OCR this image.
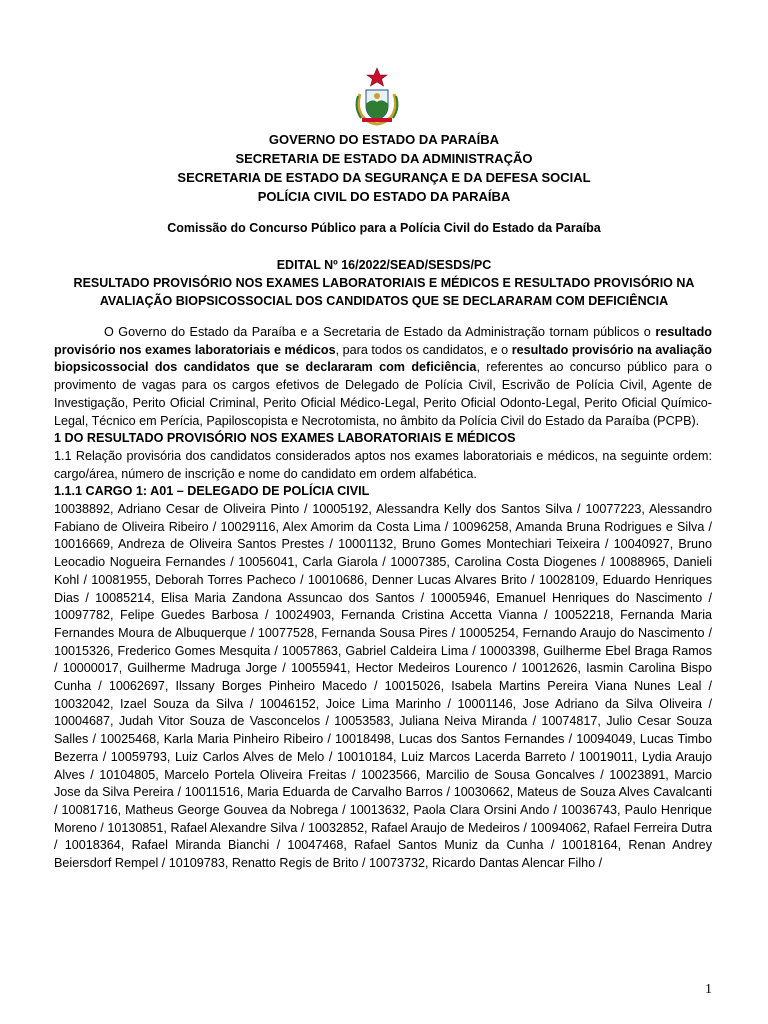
GOVERNO DO ESTADO DA PARAÍBA
SECRETARIA DE ESTADO DA ADMINISTRAÇÃO
SECRETARIA DE ESTADO DA SEGURANÇA E DA DEFESA SOCIAL
POLÍCIA CIVIL DO ESTADO DA PARAÍBA
Comissão do Concurso Público para a Polícia Civil do Estado da Paraíba
EDITAL Nº 16/2022/SEAD/SESDS/PC
RESULTADO PROVISÓRIO NOS EXAMES LABORATORIAIS E MÉDICOS E RESULTADO PROVISÓRIO NA AVALIAÇÃO BIOPSICOSSOCIAL DOS CANDIDATOS QUE SE DECLARARAM COM DEFICIÊNCIA

O Governo do Estado da Paraíba e a Secretaria de Estado da Administração tornam públicos o resultado provisório nos exames laboratoriais e médicos, para todos os candidatos, e o resultado provisório na avaliação biopsicossocial dos candidatos que se declararam com deficiência, referentes ao concurso público para o provimento de vagas para os cargos efetivos de Delegado de Polícia Civil, Escrivão de Polícia Civil, Agente de Investigação, Perito Oficial Criminal, Perito Oficial Médico-Legal, Perito Oficial Odonto-Legal, Perito Oficial Químico-Legal, Técnico em Perícia, Papiloscopista e Necrotomista, no âmbito da Polícia Civil do Estado da Paraíba (PCPB).

1 DO RESULTADO PROVISÓRIO NOS EXAMES LABORATORIAIS E MÉDICOS

1.1 Relação provisória dos candidatos considerados aptos nos exames laboratoriais e médicos, na seguinte ordem: cargo/área, número de inscrição e nome do candidato em ordem alfabética.

1.1.1 CARGO 1: A01 – DELEGADO DE POLÍCIA CIVIL

10038892, Adriano Cesar de Oliveira Pinto / 10005192, Alessandra Kelly dos Santos Silva / 10077223, Alessandro Fabiano de Oliveira Ribeiro / 10029116, Alex Amorim da Costa Lima / 10096258, Amanda Bruna Rodrigues e Silva / 10016669, Andreza de Oliveira Santos Prestes / 10001132, Bruno Gomes Montechiari Teixeira / 10040927, Bruno Leocadio Nogueira Fernandes / 10056041, Carla Giarola / 10007385, Carolina Costa Diogenes / 10088965, Danieli Kohl / 10081955, Deborah Torres Pacheco / 10010686, Denner Lucas Alvares Brito / 10028109, Eduardo Henriques Dias / 10085214, Elisa Maria Zandona Assuncao dos Santos / 10005946, Emanuel Henriques do Nascimento / 10097782, Felipe Guedes Barbosa / 10024903, Fernanda Cristina Accetta Vianna / 10052218, Fernanda Maria Fernandes Moura de Albuquerque / 10077528, Fernanda Sousa Pires / 10005254, Fernando Araujo do Nascimento / 10015326, Frederico Gomes Mesquita / 10057863, Gabriel Caldeira Lima / 10003398, Guilherme Ebel Braga Ramos / 10000017, Guilherme Madruga Jorge / 10055941, Hector Medeiros Lourenco / 10012626, Iasmin Carolina Bispo Cunha / 10062697, Ilssany Borges Pinheiro Macedo / 10015026, Isabela Martins Pereira Viana Nunes Leal / 10032042, Izael Souza da Silva / 10046152, Joice Lima Marinho / 10001146, Jose Adriano da Silva Oliveira / 10004687, Judah Vitor Souza de Vasconcelos / 10053583, Juliana Neiva Miranda / 10074817, Julio Cesar Souza Salles / 10025468, Karla Maria Pinheiro Ribeiro / 10018498, Lucas dos Santos Fernandes / 10094049, Lucas Timbo Bezerra / 10059793, Luiz Carlos Alves de Melo / 10010184, Luiz Marcos Lacerda Barreto / 10019011, Lydia Araujo Alves / 10104805, Marcelo Portela Oliveira Freitas / 10023566, Marcilio de Sousa Goncalves / 10023891, Marcio Jose da Silva Pereira / 10011516, Maria Eduarda de Carvalho Barros / 10030662, Mateus de Souza Alves Cavalcanti / 10081716, Matheus George Gouvea da Nobrega / 10013632, Paola Clara Orsini Ando / 10036743, Paulo Henrique Moreno / 10130851, Rafael Alexandre Silva / 10032852, Rafael Araujo de Medeiros / 10094062, Rafael Ferreira Dutra / 10018364, Rafael Miranda Bianchi / 10047468, Rafael Santos Muniz da Cunha / 10018164, Renan Andrey Beiersdorf Rempel / 10109783, Renatto Regis de Brito / 10073732, Ricardo Dantas Alencar Filho /

1
